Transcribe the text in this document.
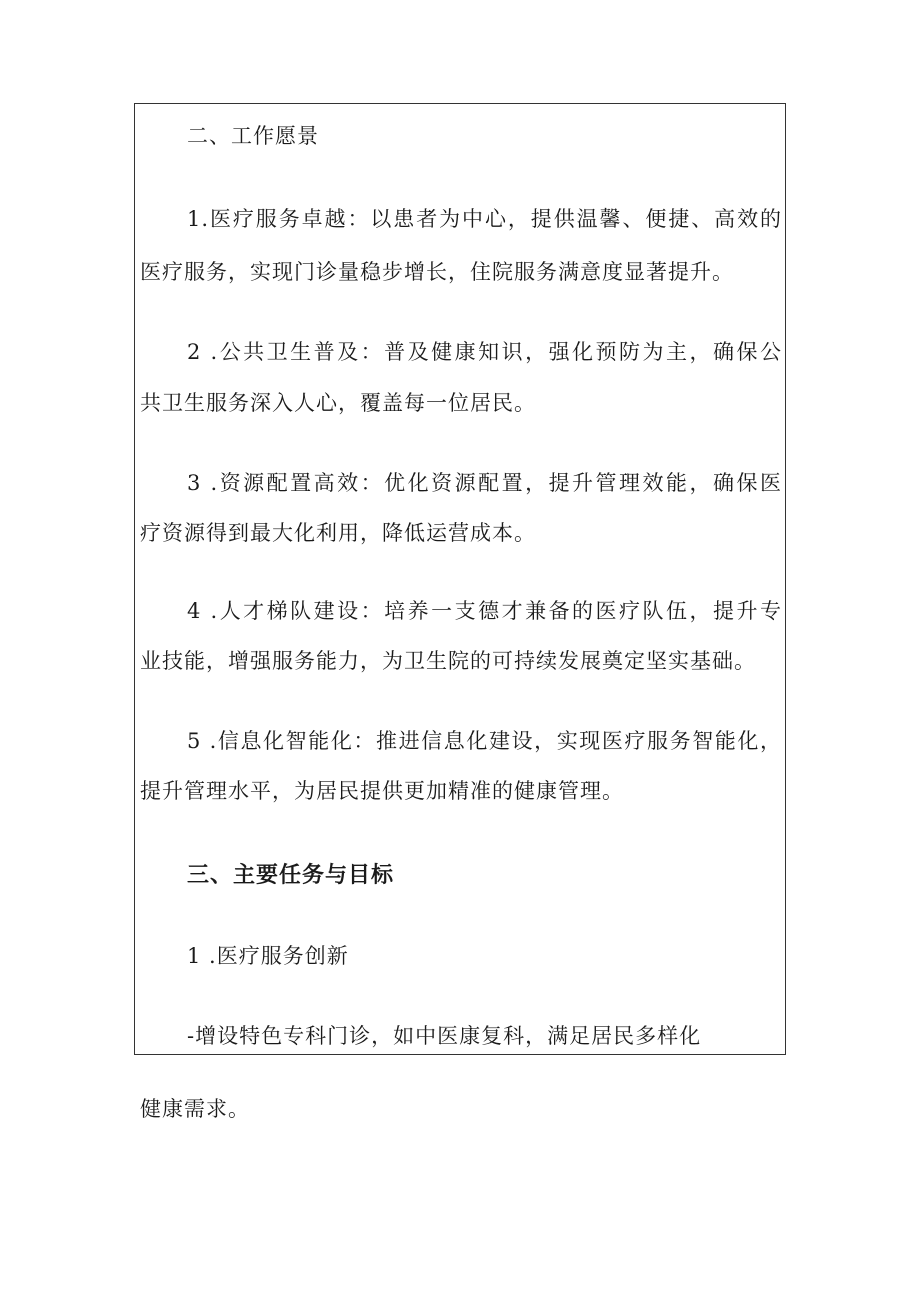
二、工作愿景
1.医疗服务卓越：以患者为中心，提供温馨、便捷、高效的
医疗服务，实现门诊量稳步增长，住院服务满意度显著提升。
2 .公共卫生普及：普及健康知识，强化预防为主，确保公
共卫生服务深入人心，覆盖每一位居民。
3 .资源配置高效：优化资源配置，提升管理效能，确保医
疗资源得到最大化利用，降低运营成本。
4 .人才梯队建设：培养一支德才兼备的医疗队伍，提升专
业技能，增强服务能力，为卫生院的可持续发展奠定坚实基础。
5 .信息化智能化：推进信息化建设，实现医疗服务智能化，
提升管理水平，为居民提供更加精准的健康管理。
三、主要任务与目标
1 .医疗服务创新
-增设特色专科门诊，如中医康复科，满足居民多样化
健康需求。
